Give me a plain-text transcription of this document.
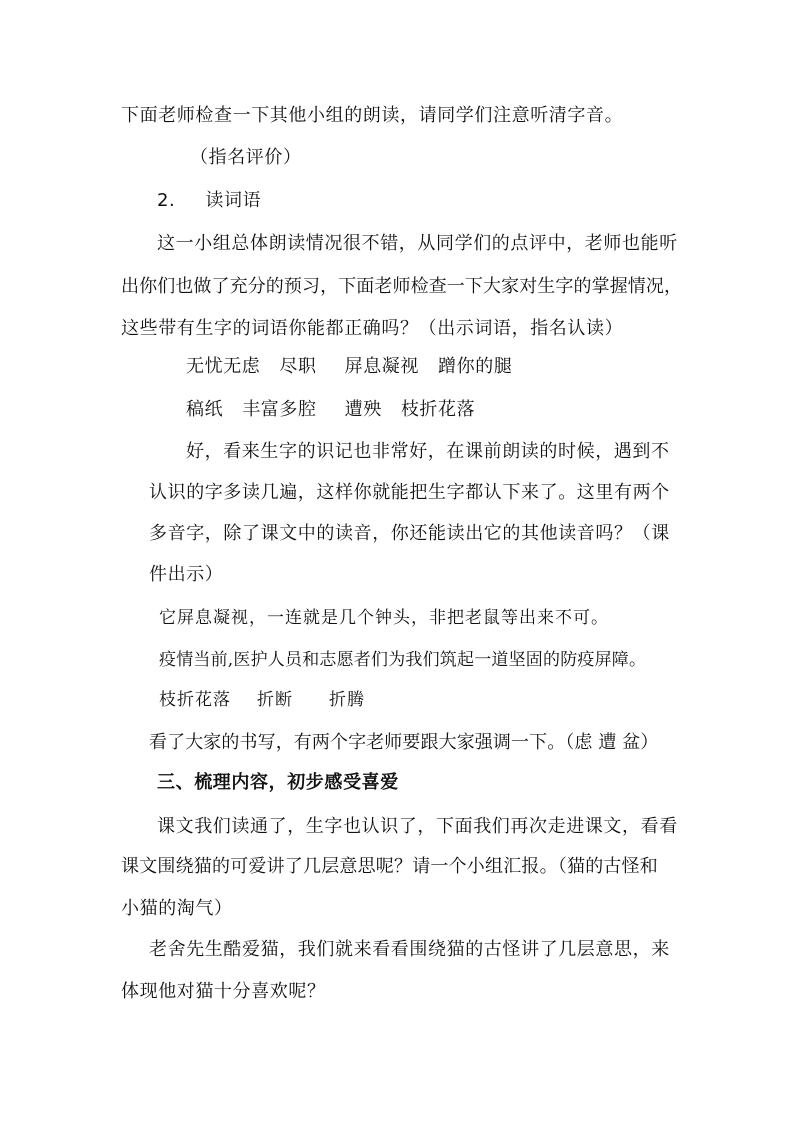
下面老师检查一下其他小组的朗读，请同学们注意听清字音。
（指名评价）
2. 读词语
这一小组总体朗读情况很不错，从同学们的点评中，老师也能听
出你们也做了充分的预习，下面老师检查一下大家对生字的掌握情况，
这些带有生字的词语你能都正确吗？（出示词语，指名认读）
无忧无虑 尽职 屏息凝视 蹭你的腿
稿纸 丰富多腔 遭殃 枝折花落
好，看来生字的识记也非常好，在课前朗读的时候，遇到不
认识的字多读几遍，这样你就能把生字都认下来了。这里有两个
多音字，除了课文中的读音，你还能读出它的其他读音吗？（课
件出示）
它屏息凝视，一连就是几个钟头，非把老鼠等出来不可。
疫情当前,医护人员和志愿者们为我们筑起一道坚固的防疫屏障。
枝折花落 折断 折腾
看了大家的书写，有两个字老师要跟大家强调一下。（虑 遭 盆）
三、梳理内容，初步感受喜爱
课文我们读通了，生字也认识了，下面我们再次走进课文，看看
课文围绕猫的可爱讲了几层意思呢？请一个小组汇报。（猫的古怪和
小猫的淘气）
老舍先生酷爱猫，我们就来看看围绕猫的古怪讲了几层意思，来
体现他对猫十分喜欢呢？
